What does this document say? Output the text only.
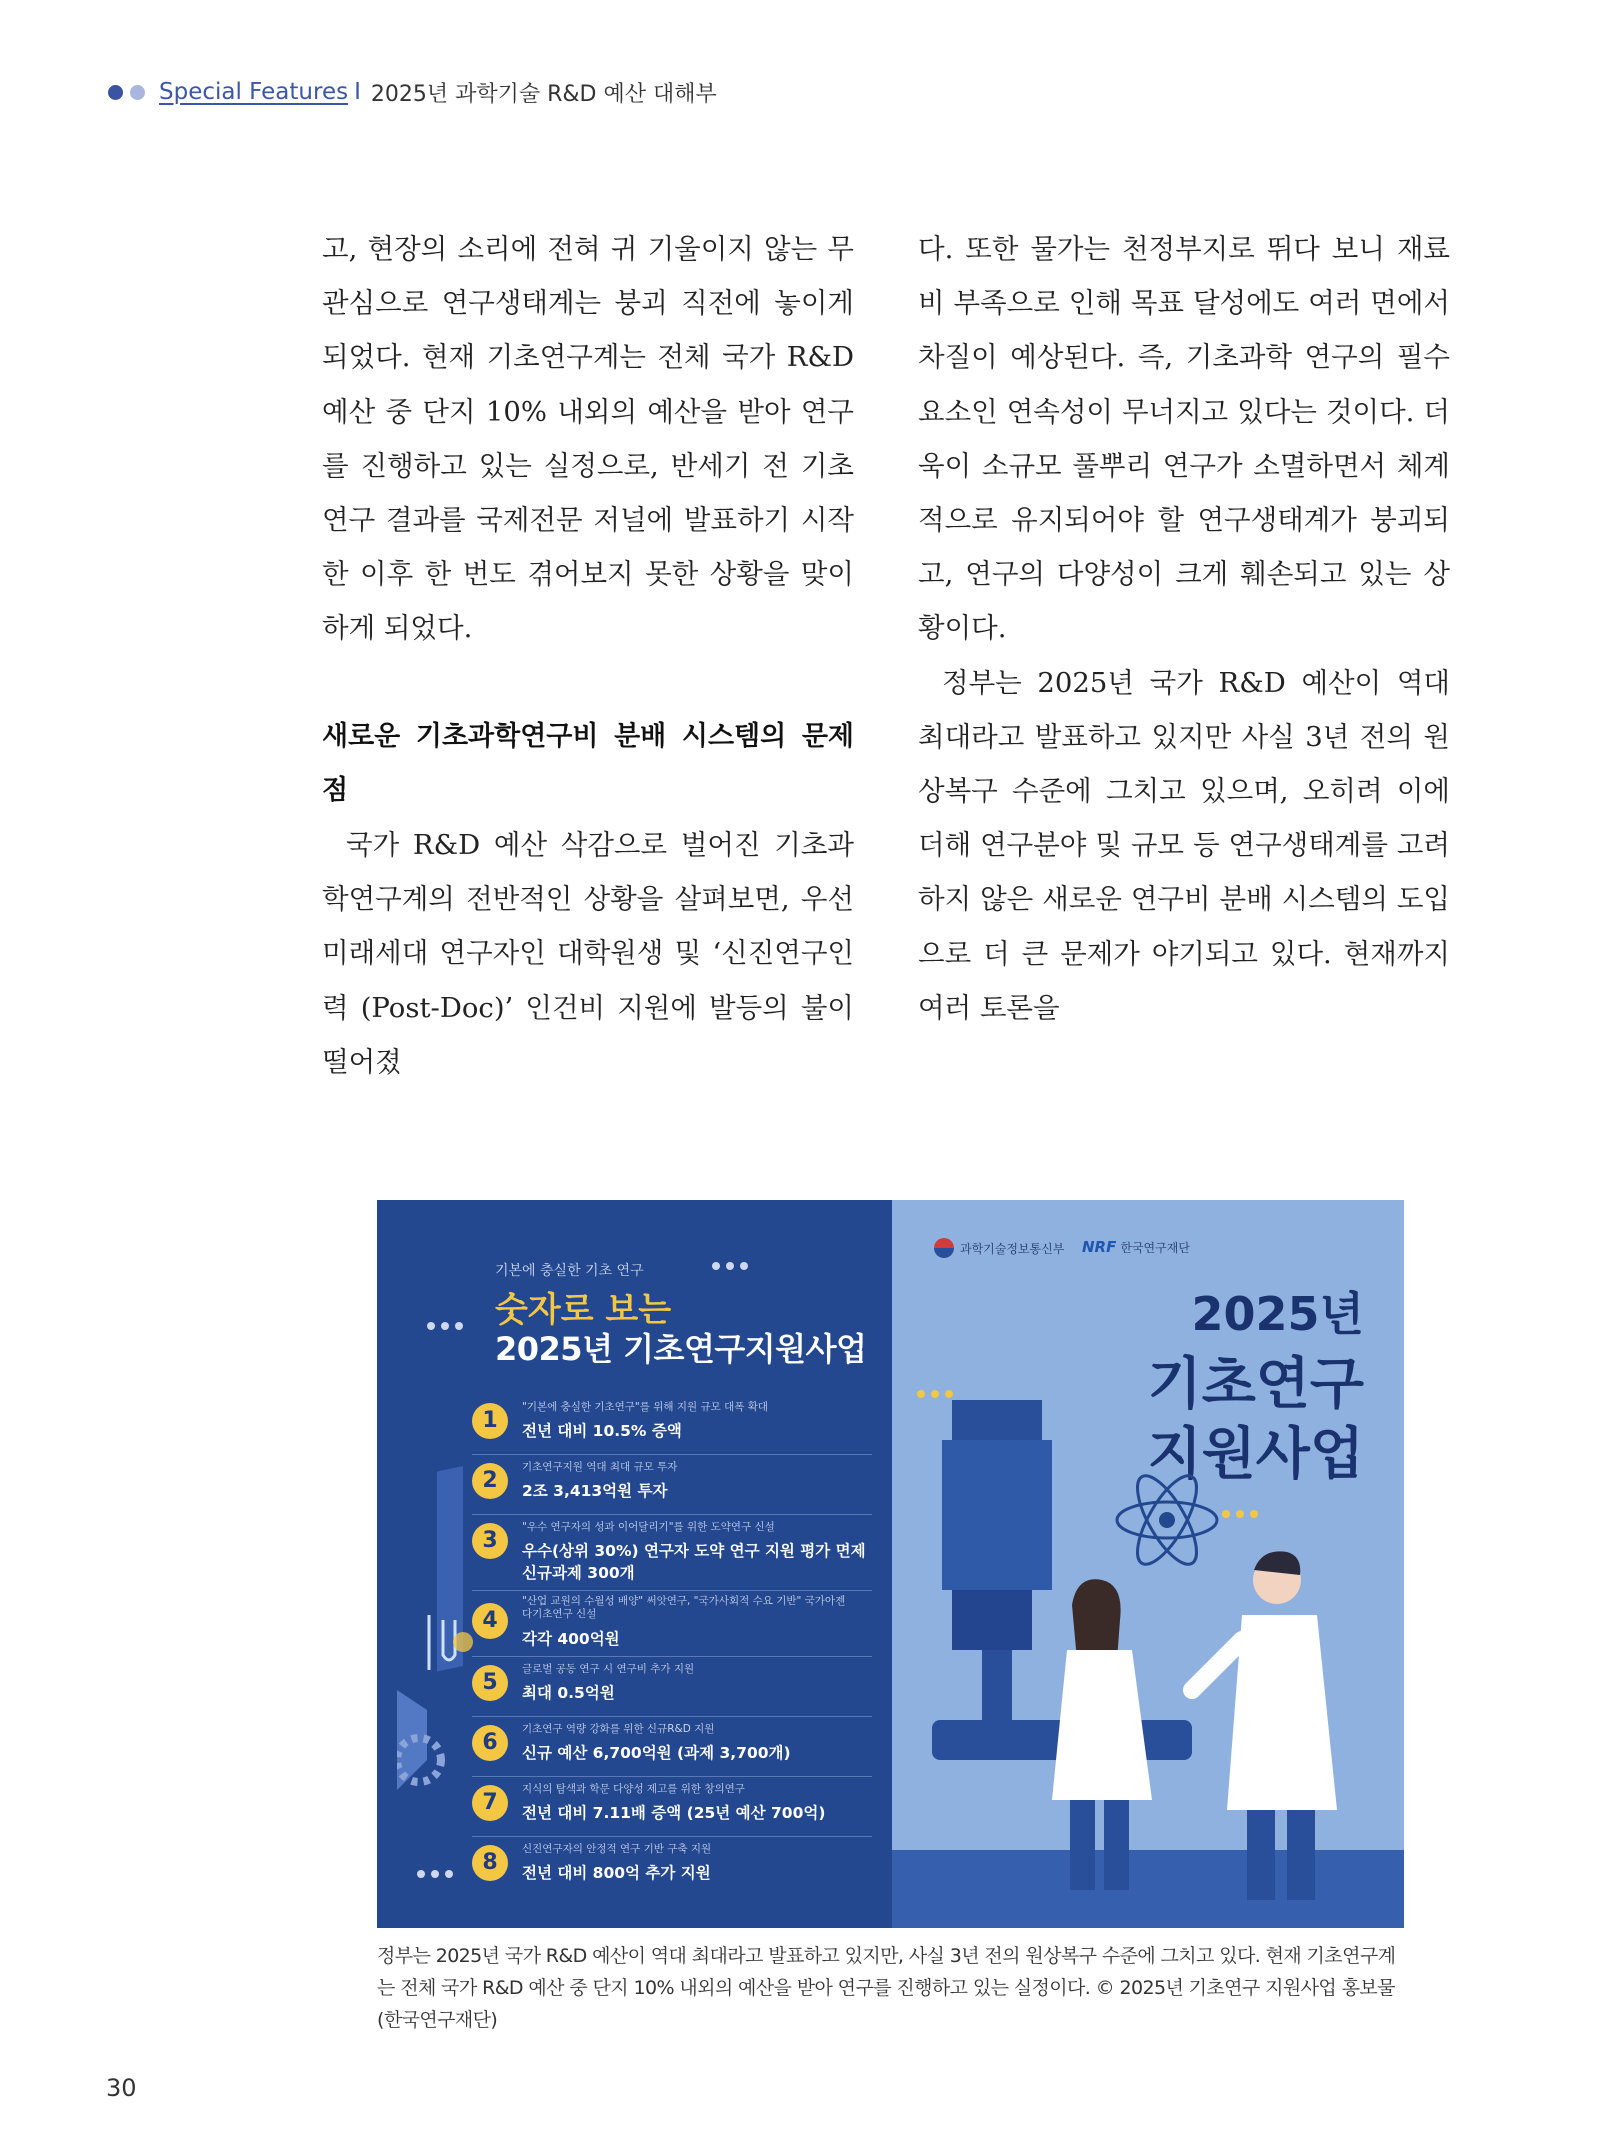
Special Features I 2025년 과학기술 R&D 예산 대해부

고, 현장의 소리에 전혀 귀 기울이지 않는 무관심으로 연구생태계는 붕괴 직전에 놓이게 되었다. 현재 기초연구계는 전체 국가 R&D 예산 중 단지 10% 내외의 예산을 받아 연구를 진행하고 있는 실정으로, 반세기 전 기초연구 결과를 국제전문 저널에 발표하기 시작한 이후 한 번도 겪어보지 못한 상황을 맞이하게 되었다.

새로운 기초과학연구비 분배 시스템의 문제점

국가 R&D 예산 삭감으로 벌어진 기초과학연구계의 전반적인 상황을 살펴보면, 우선 미래세대 연구자인 대학원생 및 ‘신진연구인력 (Post-Doc)’ 인건비 지원에 발등의 불이 떨어졌

다. 또한 물가는 천정부지로 뛰다 보니 재료비 부족으로 인해 목표 달성에도 여러 면에서 차질이 예상된다. 즉, 기초과학 연구의 필수 요소인 연속성이 무너지고 있다는 것이다. 더욱이 소규모 풀뿌리 연구가 소멸하면서 체계적으로 유지되어야 할 연구생태계가 붕괴되고, 연구의 다양성이 크게 훼손되고 있는 상황이다.

정부는 2025년 국가 R&D 예산이 역대 최대라고 발표하고 있지만 사실 3년 전의 원상복구 수준에 그치고 있으며, 오히려 이에 더해 연구분야 및 규모 등 연구생태계를 고려하지 않은 새로운 연구비 분배 시스템의 도입으로 더 큰 문제가 야기되고 있다. 현재까지 여러 토론을

기본에 충실한 기초 연구
숫자로 보는
2025년 기초연구지원사업
1
"기본에 충실한 기초연구"를 위해 지원 규모 대폭 확대
전년 대비 10.5% 증액
2
기초연구지원 역대 최대 규모 투자
2조 3,413억원 투자
3
"우수 연구자의 성과 이어달리기"를 위한 도약연구 신설
우수(상위 30%) 연구자 도약 연구 지원 평가 면제
신규과제 300개
4
"산업 교원의 수월성 배양" 써앗연구, "국가사회적 수요 기반" 국가아젠다기초연구 신설
각각 400억원
5
글로벌 공동 연구 시 연구비 추가 지원
최대 0.5억원
6
기초연구 역량 강화를 위한 신규R&D 지원
신규 예산 6,700억원 (과제 3,700개)
7
지식의 탐색과 학문 다양성 제고를 위한 창의연구
전년 대비 7.11배 증액 (25년 예산 700억)
8
신진연구자의 안정적 연구 기반 구축 지원
전년 대비 800억 추가 지원
과학기술정보통신부 NRF 한국연구재단
2025년
기초연구
지원사업
정부는 2025년 국가 R&D 예산이 역대 최대라고 발표하고 있지만, 사실 3년 전의 원상복구 수준에 그치고 있다. 현재 기초연구계는 전체 국가 R&D 예산 중 단지 10% 내외의 예산을 받아 연구를 진행하고 있는 실정이다. © 2025년 기초연구 지원사업 홍보물(한국연구재단)
30
